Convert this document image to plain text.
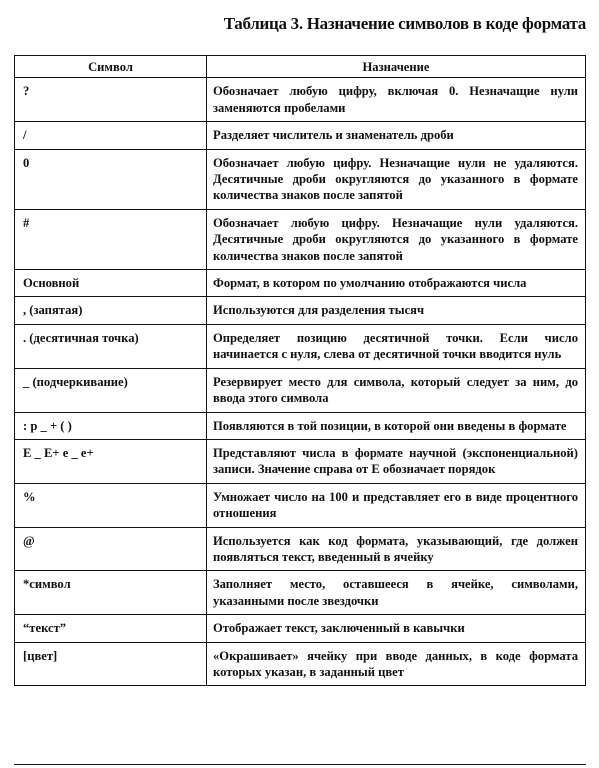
Таблица 3. Назначение символов в коде формата
Символ	Назначение
?	Обозначает любую цифру, включая 0. Незначащие нули заменяются пробелами
/	Разделяет числитель и знаменатель дроби
0	Обозначает любую цифру. Незначащие нули не удаляются. Десятичные дроби округляются до указанного в формате количества знаков после запятой
#	Обозначает любую цифру. Незначащие нули удаляются. Десятичные дроби округляются до указанного в формате количества знаков после запятой
Основной	Формат, в котором по умолчанию отображаются числа
, (запятая)	Используются для разделения тысяч
. (десятичная точка)	Определяет позицию десятичной точки. Если число начинается с нуля, слева от десятичной точки вводится нуль
_ (подчеркивание)	Резервирует место для символа, который следует за ним, до ввода этого символа
: р _ + ( )	Появляются в той позиции, в которой они введены в формате
Е _ Е+ е _ е+	Представляют числа в формате научной (экспоненциальной) записи. Значение справа от Е обозначает порядок
%	Умножает число на 100 и представляет его в виде процентного отношения
@	Используется как код формата, указывающий, где должен появляться текст, введенный в ячейку
*символ	Заполняет место, оставшееся в ячейке, символами, указанными после звездочки
“текст”	Отображает текст, заключенный в кавычки
[цвет]	«Окрашивает» ячейку при вводе данных, в коде формата которых указан, в заданный цвет
